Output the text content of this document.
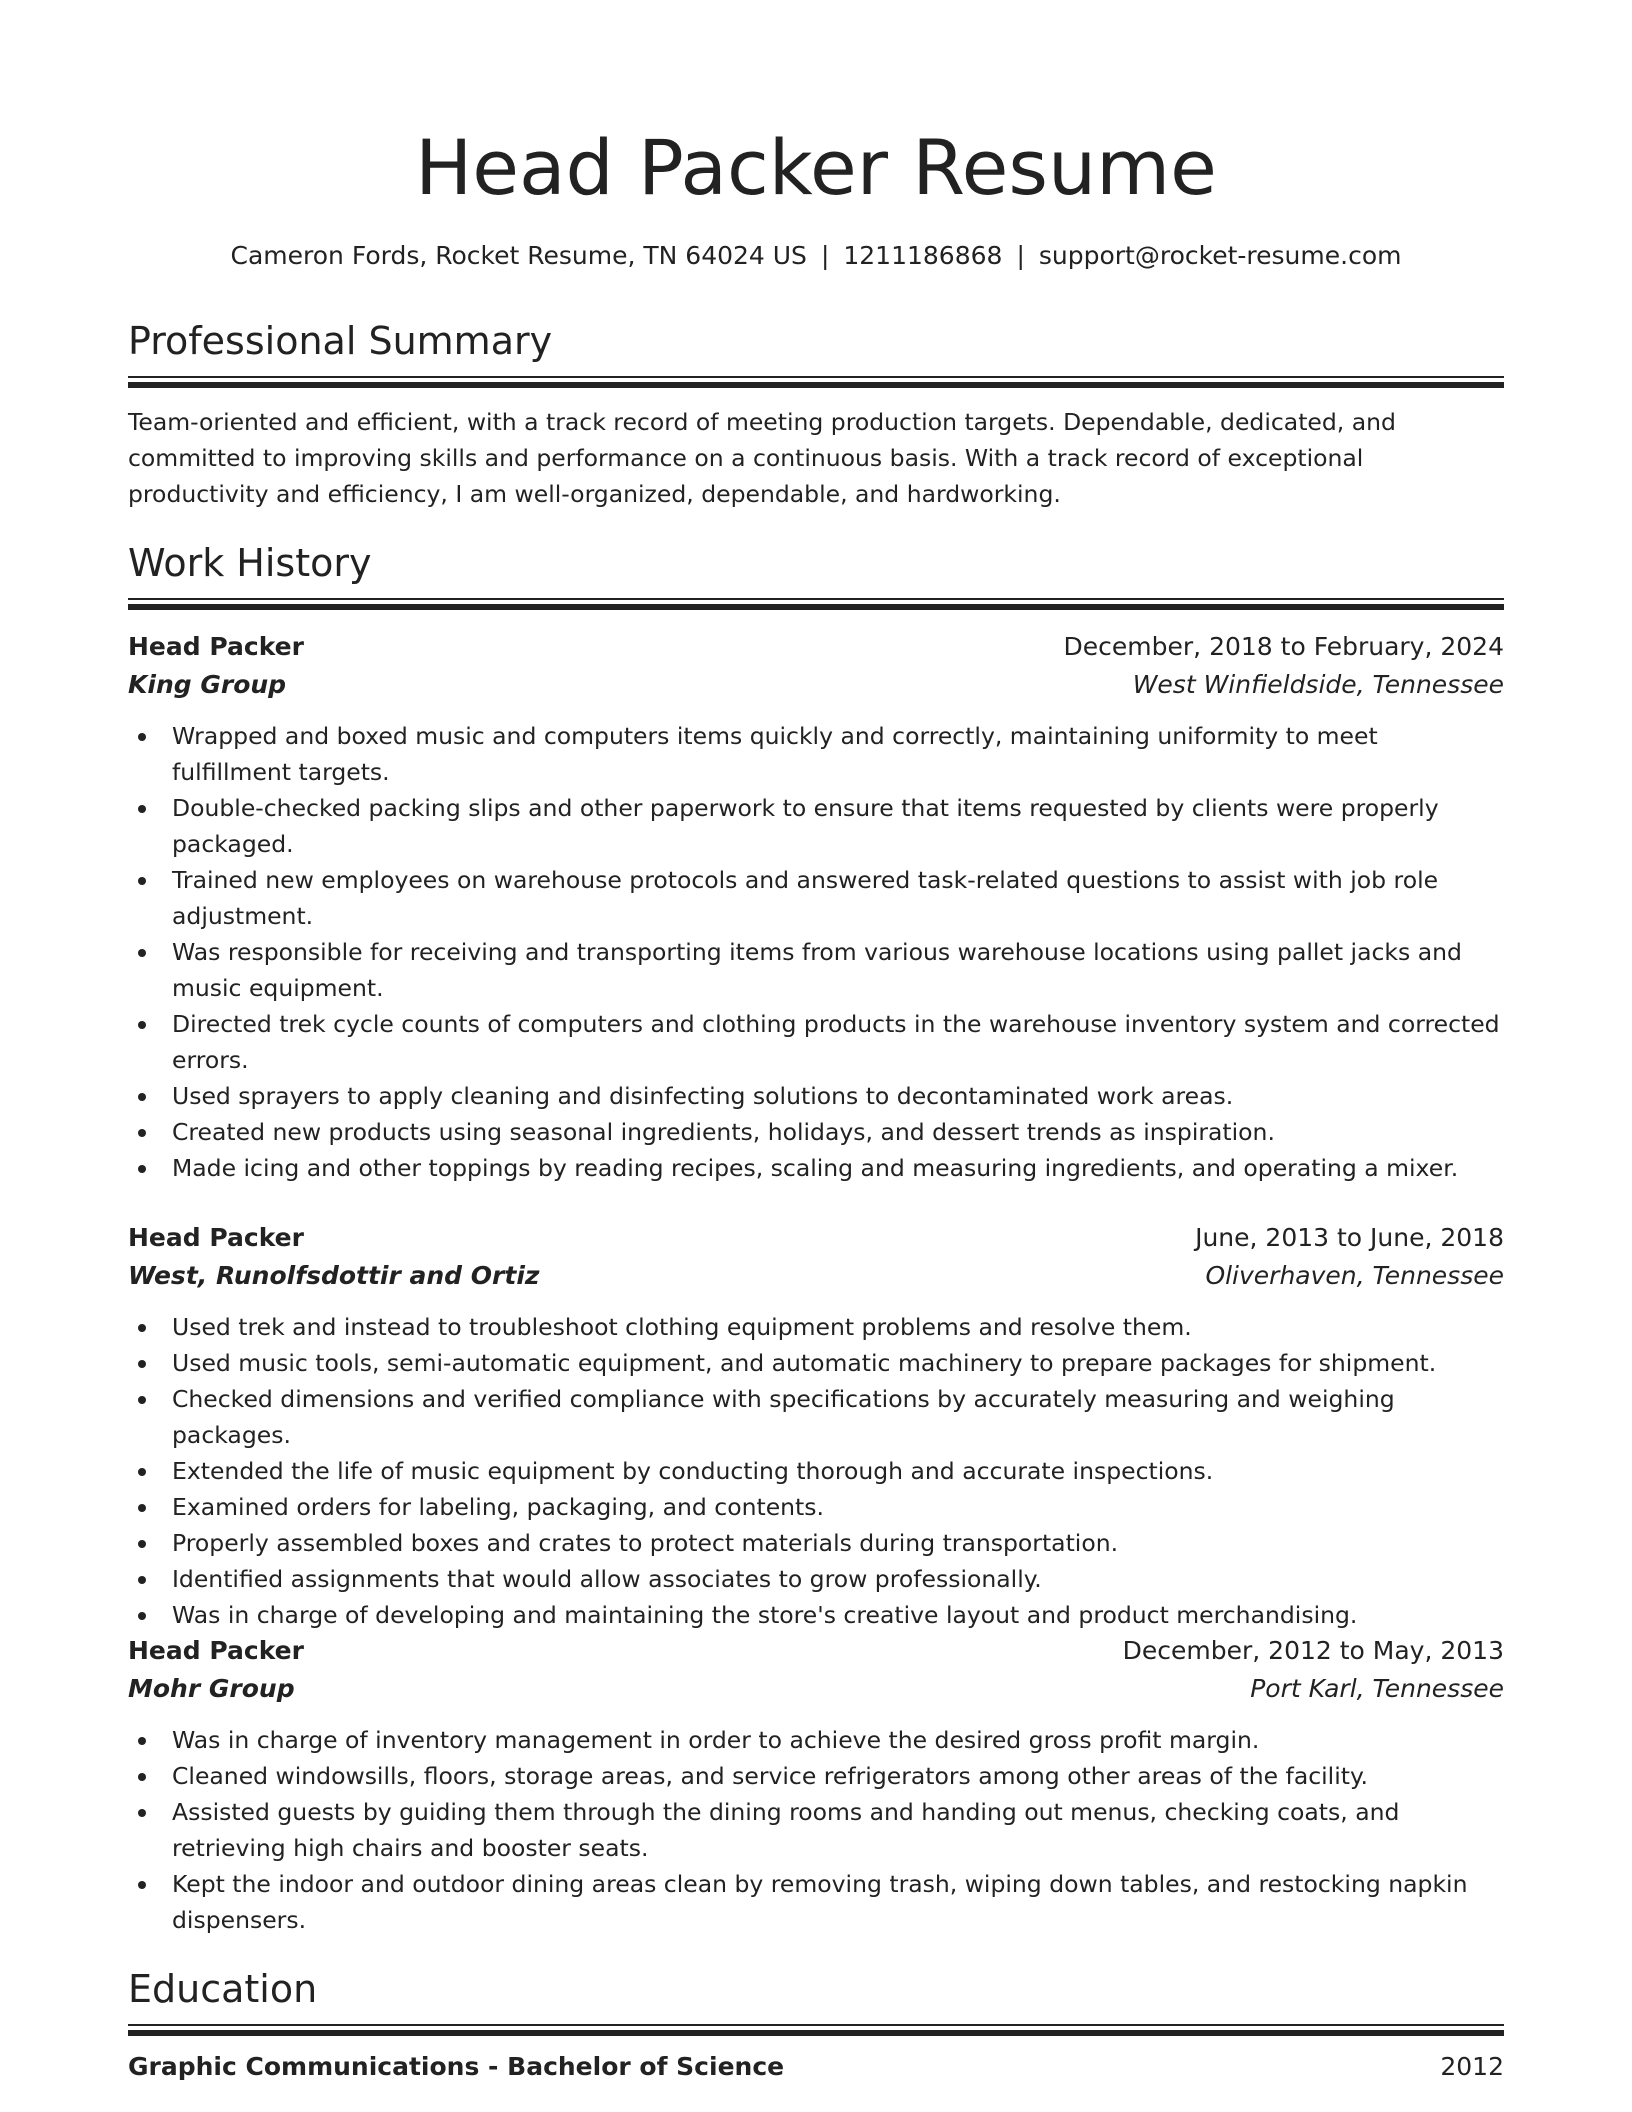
Head Packer Resume
Cameron Fords, Rocket Resume, TN 64024 US | 1211186868 | support@rocket-resume.com
Professional Summary
Team-oriented and efficient, with a track record of meeting production targets. Dependable, dedicated, and committed to improving skills and performance on a continuous basis. With a track record of exceptional productivity and efficiency, I am well-organized, dependable, and hardworking.
Work History
Head Packer	December, 2018 to February, 2024
King Group	West Winfieldside, Tennessee
Wrapped and boxed music and computers items quickly and correctly, maintaining uniformity to meet fulfillment targets.
Double-checked packing slips and other paperwork to ensure that items requested by clients were properly packaged.
Trained new employees on warehouse protocols and answered task-related questions to assist with job role adjustment.
Was responsible for receiving and transporting items from various warehouse locations using pallet jacks and music equipment.
Directed trek cycle counts of computers and clothing products in the warehouse inventory system and corrected errors.
Used sprayers to apply cleaning and disinfecting solutions to decontaminated work areas.
Created new products using seasonal ingredients, holidays, and dessert trends as inspiration.
Made icing and other toppings by reading recipes, scaling and measuring ingredients, and operating a mixer.
Head Packer	June, 2013 to June, 2018
West, Runolfsdottir and Ortiz	Oliverhaven, Tennessee
Used trek and instead to troubleshoot clothing equipment problems and resolve them.
Used music tools, semi-automatic equipment, and automatic machinery to prepare packages for shipment.
Checked dimensions and verified compliance with specifications by accurately measuring and weighing packages.
Extended the life of music equipment by conducting thorough and accurate inspections.
Examined orders for labeling, packaging, and contents.
Properly assembled boxes and crates to protect materials during transportation.
Identified assignments that would allow associates to grow professionally.
Was in charge of developing and maintaining the store's creative layout and product merchandising.
Head Packer	December, 2012 to May, 2013
Mohr Group	Port Karl, Tennessee
Was in charge of inventory management in order to achieve the desired gross profit margin.
Cleaned windowsills, floors, storage areas, and service refrigerators among other areas of the facility.
Assisted guests by guiding them through the dining rooms and handing out menus, checking coats, and retrieving high chairs and booster seats.
Kept the indoor and outdoor dining areas clean by removing trash, wiping down tables, and restocking napkin dispensers.
Education
Graphic Communications - Bachelor of Science	2012
